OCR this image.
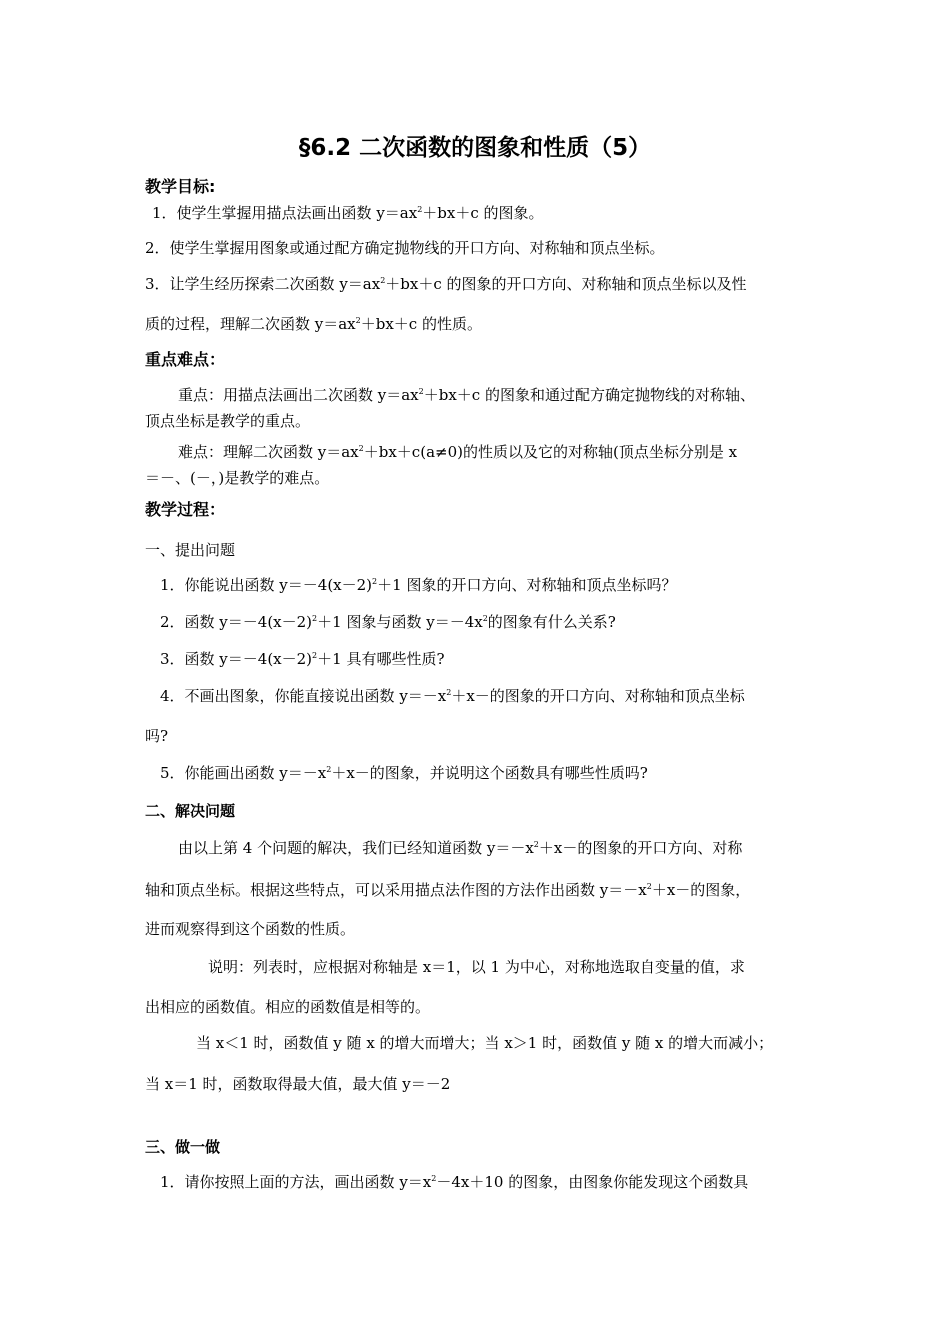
§6.2 二次函数的图象和性质（5）
教学目标:
1．使学生掌握用描点法画出函数 $y=ax^2+bx+c$ 的图象。
2．使学生掌握用图象或通过配方确定抛物线的开口方向、对称轴和顶点坐标。
3．让学生经历探索二次函数 $y=ax^2+bx+c$ 的图象的开口方向、对称轴和顶点坐标以及性
质的过程，理解二次函数 $y=ax^2+bx+c$ 的性质。
重点难点：
重点：用描点法画出二次函数 $y=ax^2+bx+c$ 的图象和通过配方确定抛物线的对称轴、
顶点坐标是教学的重点。
难点：理解二次函数 $y=ax^2+bx+c(a\ne 0)$的性质以及它的对称轴(顶点坐标分别是 x
＝－、(－，)是教学的难点。
教学过程：
一、提出问题
1．你能说出函数 $y=-4(x-2)^2+1$ 图象的开口方向、对称轴和顶点坐标吗？
2．函数 $y=-4(x-2)^2+1$ 图象与函数 $y=-4x^2$的图象有什么关系?
3．函数 $y=-4(x-2)^2+1$ 具有哪些性质?
4．不画出图象，你能直接说出函数 $y=-x^2+x-$的图象的开口方向、对称轴和顶点坐标
吗?
5．你能画出函数 $y=-x^2+x-$的图象，并说明这个函数具有哪些性质吗?
二、解决问题
由以上第 4 个问题的解决，我们已经知道函数 $y=-x^2+x-$的图象的开口方向、对称
轴和顶点坐标。根据这些特点，可以采用描点法作图的方法作出函数 $y=-x^2+x-$的图象，
进而观察得到这个函数的性质。
说明：列表时，应根据对称轴是 x＝1，以 1 为中心，对称地选取自变量的值，求
出相应的函数值。相应的函数值是相等的。
当 x＜1 时，函数值 y 随 x 的增大而增大；当 x＞1 时，函数值 y 随 x 的增大而减小；
当 x＝1 时，函数取得最大值，最大值 y＝－2
三、做一做
1．请你按照上面的方法，画出函数 $y=x^2-4x+10$ 的图象，由图象你能发现这个函数具
